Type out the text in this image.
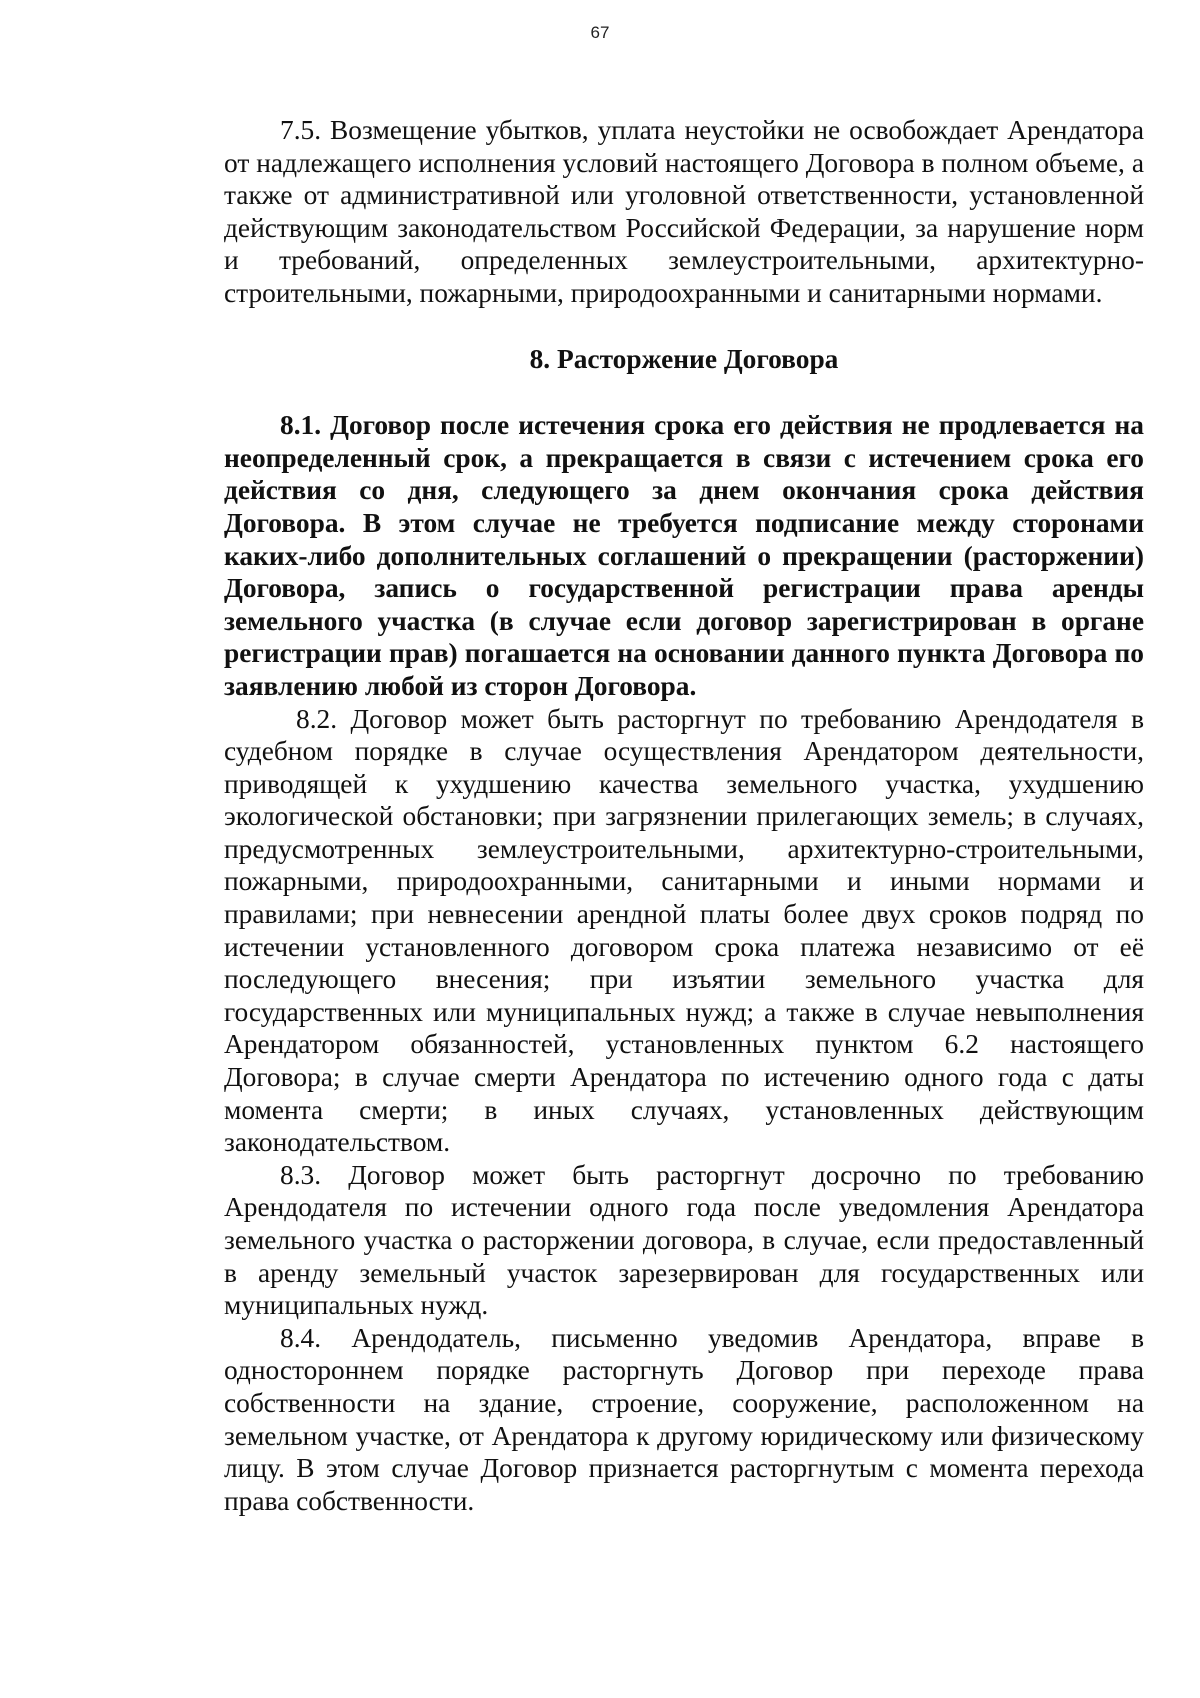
67

7.5. Возмещение убытков, уплата неустойки не освобождает Арендатора от надлежащего исполнения условий настоящего Договора в полном объеме, а также от административной или уголовной ответственности, установленной действующим законодательством Российской Федерации, за нарушение норм и требований, определенных землеустроительными, архитектурно-строительными, пожарными, природоохранными и санитарными нормами.

8. Расторжение Договора

8.1. Договор после истечения срока его действия не продлевается на неопределенный срок, а прекращается в связи с истечением срока его действия со дня, следующего за днем окончания срока действия Договора. В этом случае не требуется подписание между сторонами каких-либо дополнительных соглашений о прекращении (расторжении) Договора, запись о государственной регистрации права аренды земельного участка (в случае если договор зарегистрирован в органе регистрации прав) погашается на основании данного пункта Договора по заявлению любой из сторон Договора.

8.2. Договор может быть расторгнут по требованию Арендодателя в судебном порядке в случае осуществления Арендатором деятельности, приводящей к ухудшению качества земельного участка, ухудшению экологической обстановки; при загрязнении прилегающих земель; в случаях, предусмотренных землеустроительными, архитектурно-строительными, пожарными, природоохранными, санитарными и иными нормами и правилами; при невнесении арендной платы более двух сроков подряд по истечении установленного договором срока платежа независимо от её последующего внесения; при изъятии земельного участка для государственных или муниципальных нужд; а также в случае невыполнения Арендатором обязанностей, установленных пунктом 6.2 настоящего Договора; в случае смерти Арендатора по истечению одного года с даты момента смерти; в иных случаях, установленных действующим законодательством.

8.3. Договор может быть расторгнут досрочно по требованию Арендодателя по истечении одного года после уведомления Арендатора земельного участка о расторжении договора, в случае, если предоставленный в аренду земельный участок зарезервирован для государственных или муниципальных нужд.

8.4. Арендодатель, письменно уведомив Арендатора, вправе в одностороннем порядке расторгнуть Договор при переходе права собственности на здание, строение, сооружение, расположенном на земельном участке, от Арендатора к другому юридическому или физическому лицу. В этом случае Договор признается расторгнутым с момента перехода права собственности.
